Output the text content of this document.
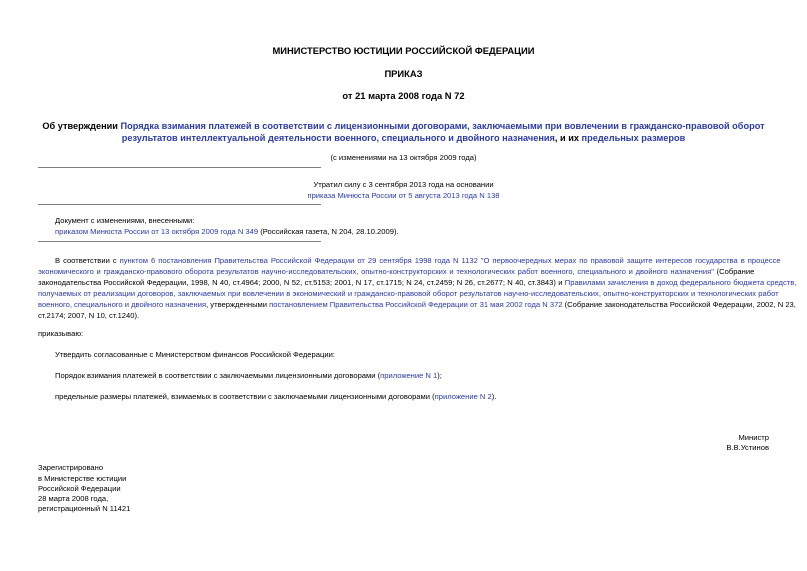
МИНИСТЕРСТВО ЮСТИЦИИ РОССИЙСКОЙ ФЕДЕРАЦИИ
ПРИКАЗ
от 21 марта 2008 года N 72
Об утверждении Порядка взимания платежей в соответствии с лицензионными договорами, заключаемыми при вовлечении в гражданско-правовой оборот
результатов интеллектуальной деятельности военного, специального и двойного назначения, и их предельных размеров
(с изменениями на 13 октября 2009 года)
Утратил силу с 3 сентября 2013 года на основании
приказа Минюста России от 5 августа 2013 года N 138
Документ с изменениями, внесенными:
приказом Минюста России от 13 октября 2009 года N 349 (Российская газета, N 204, 28.10.2009).
В соответствии с пунктом 6 постановления Правительства Российской Федерации от 29 сентября 1998 года N 1132 "О первоочередных мерах по правовой защите интересов государства в процессе
экономического и гражданско-правового оборота результатов научно-исследовательских, опытно-конструкторских и технологических работ военного, специального и двойного назначения" (Собрание
законодательства Российской Федерации, 1998, N 40, ст.4964; 2000, N 52, ст.5153; 2001, N 17, ст.1715; N 24, ст.2459; N 26, ст.2677; N 40, ст.3843) и Правилами зачисления в доход федерального бюджета средств,
получаемых от реализации договоров, заключаемых при вовлечении в экономический и гражданско-правовой оборот результатов научно-исследовательских, опытно-конструкторских и технологических работ
военного, специального и двойного назначения, утвержденными постановлением Правительства Российской Федерации от 31 мая 2002 года N 372 (Собрание законодательства Российской Федерации, 2002, N 23,
ст.2174; 2007, N 10, ст.1240).
приказываю:
Утвердить согласованные с Министерством финансов Российской Федерации:
Порядок взимания платежей в соответствии с заключаемыми лицензионными договорами (приложение N 1);
предельные размеры платежей, взимаемых в соответствии с заключаемыми лицензионными договорами (приложение N 2).
Министр
В.В.Устинов
Зарегистрировано
в Министерстве юстиции
Российской Федерации
28 марта 2008 года,
регистрационный N 11421
